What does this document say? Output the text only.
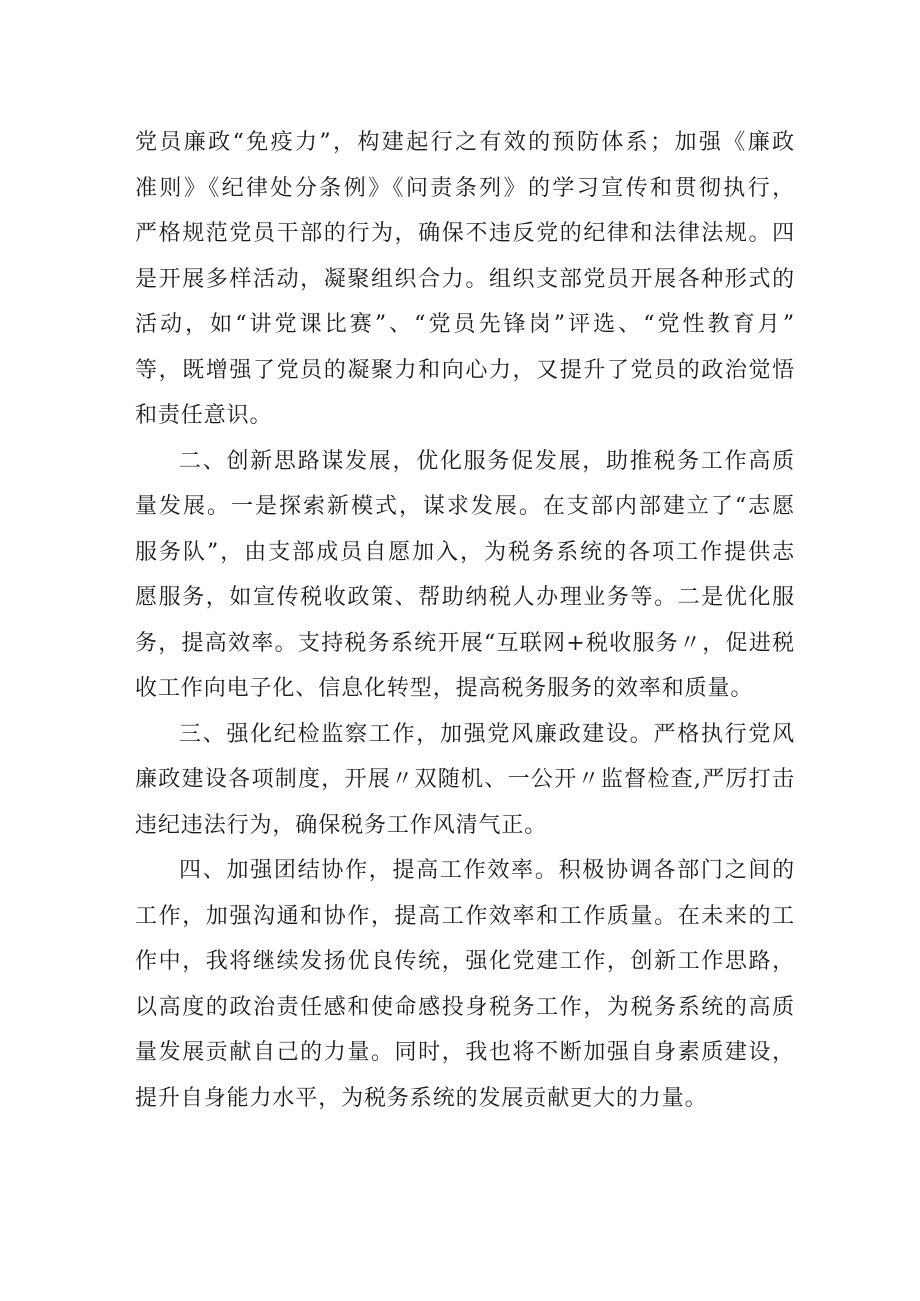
党员廉政“免疫力”，构建起行之有效的预防体系；加强《廉政
准则》《纪律处分条例》《问责条列》的学习宣传和贯彻执行，
严格规范党员干部的行为，确保不违反党的纪律和法律法规。四
是开展多样活动，凝聚组织合力。组织支部党员开展各种形式的
活动，如“讲党课比赛”、“党员先锋岗”评选、“党性教育月”
等，既增强了党员的凝聚力和向心力，又提升了党员的政治觉悟
和责任意识。
二、创新思路谋发展，优化服务促发展，助推税务工作高质
量发展。一是探索新模式，谋求发展。在支部内部建立了“志愿
服务队”，由支部成员自愿加入，为税务系统的各项工作提供志
愿服务，如宣传税收政策、帮助纳税人办理业务等。二是优化服
务，提高效率。支持税务系统开展“互联网+税收服务〃，促进税
收工作向电子化、信息化转型，提高税务服务的效率和质量。
三、强化纪检监察工作，加强党风廉政建设。严格执行党风
廉政建设各项制度，开展〃双随机、一公开〃监督检查,严厉打击
违纪违法行为，确保税务工作风清气正。
四、加强团结协作，提高工作效率。积极协调各部门之间的
工作，加强沟通和协作，提高工作效率和工作质量。在未来的工
作中，我将继续发扬优良传统，强化党建工作，创新工作思路，
以高度的政治责任感和使命感投身税务工作，为税务系统的高质
量发展贡献自己的力量。同时，我也将不断加强自身素质建设，
提升自身能力水平，为税务系统的发展贡献更大的力量。
